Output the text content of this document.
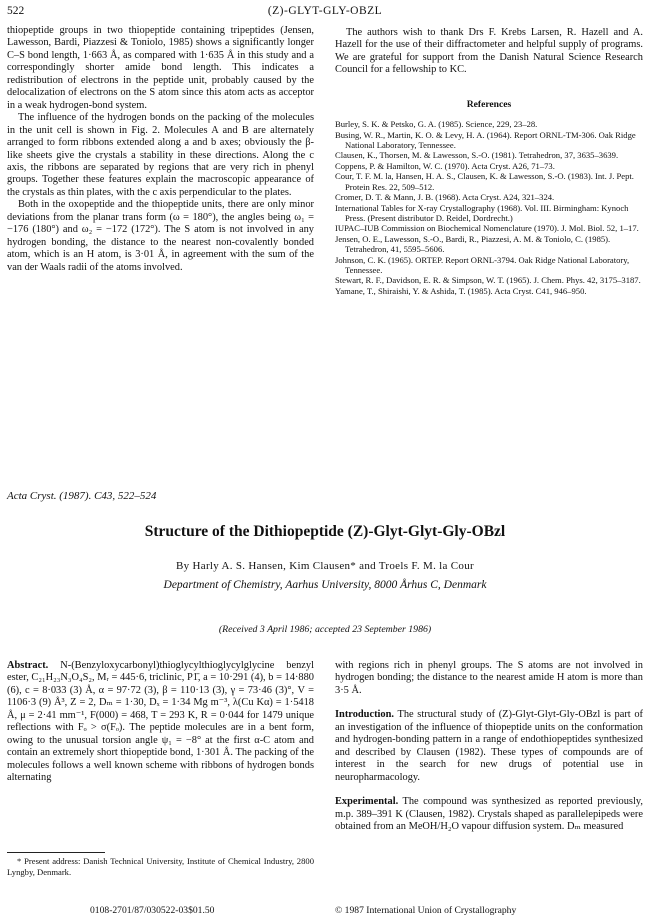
522	(Z)-GLYT-GLY-OBZL

thiopeptide groups in two thiopeptide containing tripeptides (Jensen, Lawesson, Bardi, Piazzesi & Toniolo, 1985) shows a significantly longer C–S bond length, 1·663 Å, as compared with 1·635 Å in this study and a correspondingly shorter amide bond length. This indicates a redistribution of electrons in the peptide unit, probably caused by the delocalization of electrons on the S atom since this atom acts as acceptor in a weak hydrogen-bond system.

The influence of the hydrogen bonds on the packing of the molecules in the unit cell is shown in Fig. 2. Molecules A and B are alternately arranged to form ribbons extended along a and b axes; obviously the β-like sheets give the crystals a stability in these directions. Along the c axis, the ribbons are separated by regions that are very rich in phenyl groups. Together these features explain the macroscopic appearance of the crystals as thin plates, with the c axis perpendicular to the plates.

Both in the oxopeptide and the thiopeptide units, there are only minor deviations from the planar trans form (ω = 180°), the angles being ω₁ = −176 (180°) and ω₂ = −172 (172°). The S atom is not involved in any hydrogen bonding, the distance to the nearest non-covalently bonded atom, which is an H atom, is 3·01 Å, in agreement with the sum of the van der Waals radii of the atoms involved.

The authors wish to thank Drs F. Krebs Larsen, R. Hazell and A. Hazell for the use of their diffractometer and helpful supply of programs. We are grateful for support from the Danish Natural Science Research Council for a fellowship to KC.

References
Burley, S. K. & Petsko, G. A. (1985). Science, 229, 23–28.
Busing, W. R., Martin, K. O. & Levy, H. A. (1964). Report ORNL-TM-306. Oak Ridge National Laboratory, Tennessee.
Clausen, K., Thorsen, M. & Lawesson, S.-O. (1981). Tetrahedron, 37, 3635–3639.
Coppens, P. & Hamilton, W. C. (1970). Acta Cryst. A26, 71–73.
Cour, T. F. M. la, Hansen, H. A. S., Clausen, K. & Lawesson, S.-O. (1983). Int. J. Pept. Protein Res. 22, 509–512.
Cromer, D. T. & Mann, J. B. (1968). Acta Cryst. A24, 321–324.
International Tables for X-ray Crystallography (1968). Vol. III. Birmingham: Kynoch Press. (Present distributor D. Reidel, Dordrecht.)
IUPAC–IUB Commission on Biochemical Nomenclature (1970). J. Mol. Biol. 52, 1–17.
Jensen, O. E., Lawesson, S.-O., Bardi, R., Piazzesi, A. M. & Toniolo, C. (1985). Tetrahedron, 41, 5595–5606.
Johnson, C. K. (1965). ORTEP. Report ORNL-3794. Oak Ridge National Laboratory, Tennessee.
Stewart, R. F., Davidson, E. R. & Simpson, W. T. (1965). J. Chem. Phys. 42, 3175–3187.
Yamane, T., Shiraishi, Y. & Ashida, T. (1985). Acta Cryst. C41, 946–950.
Acta Cryst. (1987). C43, 522–524
Structure of the Dithiopeptide (Z)-Glyt-Glyt-Gly-OBzl
By Harly A. S. Hansen, Kim Clausen* and Troels F. M. la Cour
Department of Chemistry, Aarhus University, 8000 Århus C, Denmark
(Received 3 April 1986; accepted 23 September 1986)

Abstract. N-(Benzyloxycarbonyl)thioglycylthioglycylglycine benzyl ester, C₂₁H₂₃N₃O₄S₂, Mᵣ = 445·6, triclinic, P1̄, a = 10·291 (4), b = 14·880 (6), c = 8·033 (3) Å, α = 97·72 (3), β = 110·13 (3), γ = 73·46 (3)°, V = 1106·3 (9) Å³, Z = 2, Dₘ = 1·30, Dₓ = 1·34 Mg m⁻³, λ(Cu Kα) = 1·5418 Å, μ = 2·41 mm⁻¹, F(000) = 468, T = 293 K, R = 0·044 for 1479 unique reflections with Fₒ > σ(Fₒ). The peptide molecules are in a bent form, owing to the unusual torsion angle ψ₁ = −8° at the first α-C atom and contain an extremely short thiopeptide bond, 1·301 Å. The packing of the molecules follows a well known scheme with ribbons of hydrogen bonds alternating

* Present address: Danish Technical University, Institute of Chemical Industry, 2800 Lyngby, Denmark.

with regions rich in phenyl groups. The S atoms are not involved in hydrogen bonding; the distance to the nearest amide H atom is more than 3·5 Å.

Introduction. The structural study of (Z)-Glyt-Glyt-Gly-OBzl is part of an investigation of the influence of thiopeptide units on the conformation and hydrogen-bonding pattern in a range of endothiopeptides synthesized and described by Clausen (1982). These types of compounds are of interest in the search for new drugs of potential use in neuropharmacology.

Experimental. The compound was synthesized as reported previously, m.p. 389–391 K (Clausen, 1982). Crystals shaped as parallelepipeds were obtained from an MeOH/H₂O vapour diffusion system. Dₘ measured

0108-2701/87/030522-03$01.50	© 1987 International Union of Crystallography
